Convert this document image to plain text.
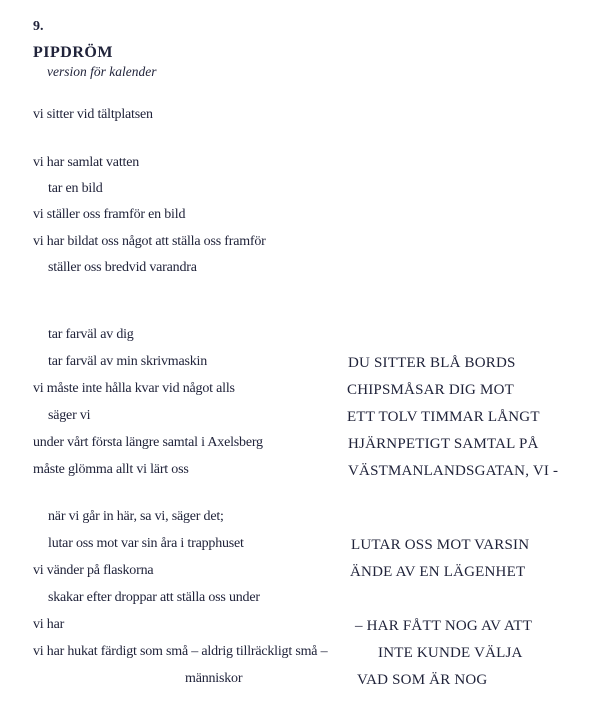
9.
PIPDRÖM
version för kalender
vi sitter vid tältplatsen
vi har samlat vatten
tar en bild
vi ställer oss framför en bild
vi har bildat oss något att ställa oss framför
ställer oss bredvid varandra
tar farväl av dig
tar farväl av min skrivmaskin
vi måste inte hålla kvar vid något alls
säger vi
under vårt första längre samtal i Axelsberg
måste glömma allt vi lärt oss
när vi går in här, sa vi, säger det;
lutar oss mot var sin åra i trapphuset
vi vänder på flaskorna
skakar efter droppar att ställa oss under
vi har
vi har hukat färdigt som små – aldrig tillräckligt små –
människor
DU SITTER BLÅ BORDS
CHIPSMÅSAR DIG MOT
ETT TOLV TIMMAR LÅNGT
HJÄRNPETIGT SAMTAL PÅ
VÄSTMANLANDSGATAN, VI -
LUTAR OSS MOT VARSIN
ÄNDE AV EN LÄGENHET
– HAR FÅTT NOG AV ATT
INTE KUNDE VÄLJA
VAD SOM ÄR NOG
